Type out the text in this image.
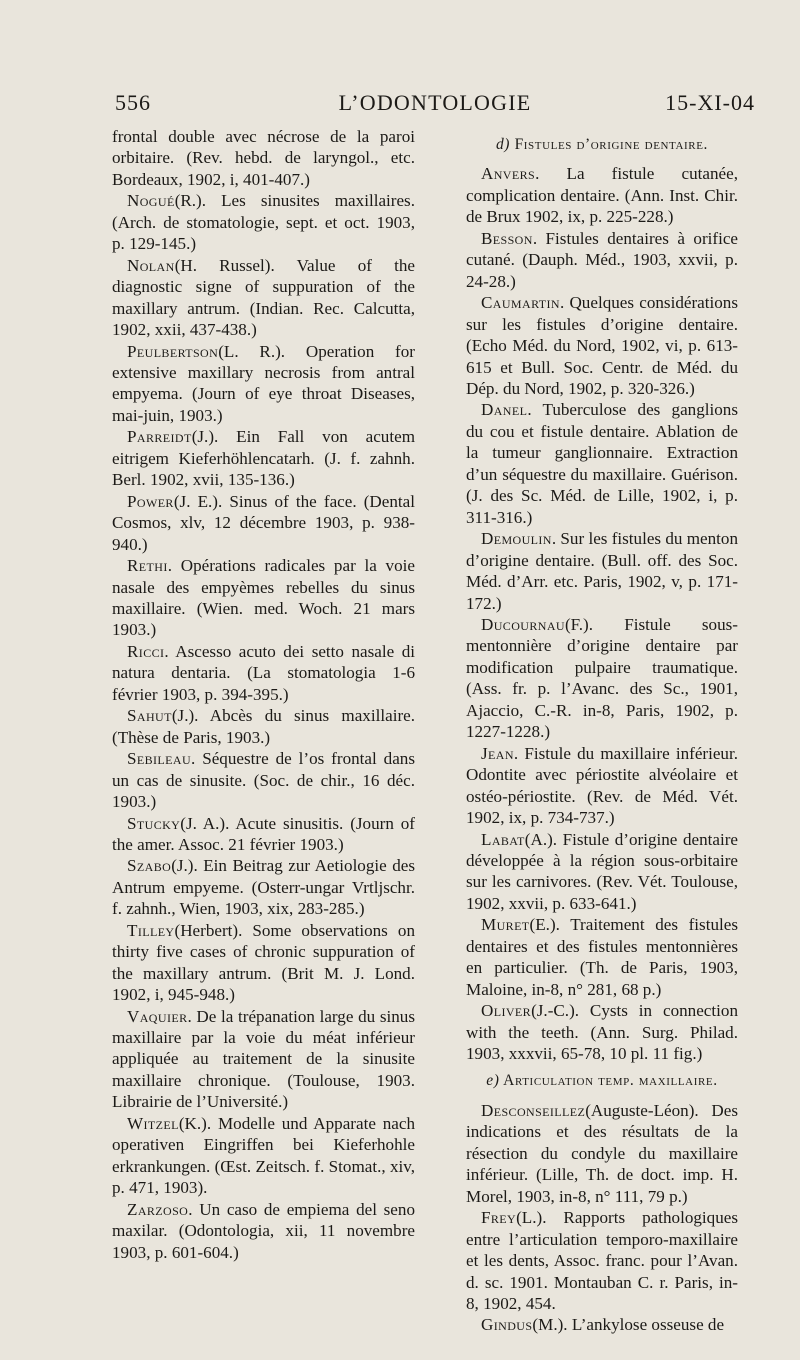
556	L’ODONTOLOGIE	15-XI-04

frontal double avec nécrose de la paroi orbitaire. (Rev. hebd. de laryngol., etc. Bordeaux, 1902, i, 401-407.)

Nogué(R.). Les sinusites maxillaires. (Arch. de stomatologie, sept. et oct. 1903, p. 129-145.)

Nolan(H. Russel). Value of the diagnostic signe of suppuration of the maxillary antrum. (Indian. Rec. Calcutta, 1902, xxii, 437-438.)

Peulbertson(L. R.). Operation for extensive maxillary necrosis from antral empyema. (Journ of eye throat Diseases, mai-juin, 1903.)

Parreidt(J.). Ein Fall von acutem eitrigem Kieferhöhlencatarh. (J. f. zahnh. Berl. 1902, xvii, 135-136.)

Power(J. E.). Sinus of the face. (Dental Cosmos, xlv, 12 décembre 1903, p. 938-940.)

Rethi. Opérations radicales par la voie nasale des empyèmes rebelles du sinus maxillaire. (Wien. med. Woch. 21 mars 1903.)

Ricci. Ascesso acuto dei setto nasale di natura dentaria. (La stomatologia 1-6 février 1903, p. 394-395.)

Sahut(J.). Abcès du sinus maxillaire. (Thèse de Paris, 1903.)

Sebileau. Séquestre de l’os frontal dans un cas de sinusite. (Soc. de chir., 16 déc. 1903.)

Stucky(J. A.). Acute sinusitis. (Journ of the amer. Assoc. 21 février 1903.)

Szabo(J.). Ein Beitrag zur Aetiologie des Antrum empyeme. (Osterr-ungar Vrtljschr. f. zahnh., Wien, 1903, xix, 283-285.)

Tilley(Herbert). Some observations on thirty five cases of chronic suppuration of the maxillary antrum. (Brit M. J. Lond. 1902, i, 945-948.)

Vaquier. De la trépanation large du sinus maxillaire par la voie du méat inférieur appliquée au traitement de la sinusite maxillaire chronique. (Toulouse, 1903. Librairie de l’Université.)

Witzel(K.). Modelle und Apparate nach operativen Eingriffen bei Kieferhohle erkrankungen. (Œst. Zeitsch. f. Stomat., xiv, p. 471, 1903).

Zarzoso. Un caso de empiema del seno maxilar. (Odontologia, xii, 11 novembre 1903, p. 601-604.)

d) Fistules d’origine dentaire.

Anvers. La fistule cutanée, complication dentaire. (Ann. Inst. Chir. de Brux 1902, ix, p. 225-228.)

Besson. Fistules dentaires à orifice cutané. (Dauph. Méd., 1903, xxvii, p. 24-28.)

Caumartin. Quelques considérations sur les fistules d’origine dentaire. (Echo Méd. du Nord, 1902, vi, p. 613-615 et Bull. Soc. Centr. de Méd. du Dép. du Nord, 1902, p. 320-326.)

Danel. Tuberculose des ganglions du cou et fistule dentaire. Ablation de la tumeur ganglionnaire. Extraction d’un séquestre du maxillaire. Guérison. (J. des Sc. Méd. de Lille, 1902, i, p. 311-316.)

Demoulin. Sur les fistules du menton d’origine dentaire. (Bull. off. des Soc. Méd. d’Arr. etc. Paris, 1902, v, p. 171-172.)

Ducournau(F.). Fistule sous-mentonnière d’origine dentaire par modification pulpaire traumatique. (Ass. fr. p. l’Avanc. des Sc., 1901, Ajaccio, C.-R. in-8, Paris, 1902, p. 1227-1228.)

Jean. Fistule du maxillaire inférieur. Odontite avec périostite alvéolaire et ostéo-périostite. (Rev. de Méd. Vét. 1902, ix, p. 734-737.)

Labat(A.). Fistule d’origine dentaire développée à la région sous-orbitaire sur les carnivores. (Rev. Vét. Toulouse, 1902, xxvii, p. 633-641.)

Muret(E.). Traitement des fistules dentaires et des fistules mentonnières en particulier. (Th. de Paris, 1903, Maloine, in-8, n° 281, 68 p.)

Oliver(J.-C.). Cysts in connection with the teeth. (Ann. Surg. Philad. 1903, xxxvii, 65-78, 10 pl. 11 fig.)

e) Articulation temp. maxillaire.

Desconseillez(Auguste-Léon). Des indications et des résultats de la résection du condyle du maxillaire inférieur. (Lille, Th. de doct. imp. H. Morel, 1903, in-8, n° 111, 79 p.)

Frey(L.). Rapports pathologiques entre l’articulation temporo-maxillaire et les dents, Assoc. franc. pour l’Avan. d. sc. 1901. Montauban C. r. Paris, in-8, 1902, 454.

Gindus(M.). L’ankylose osseuse de
